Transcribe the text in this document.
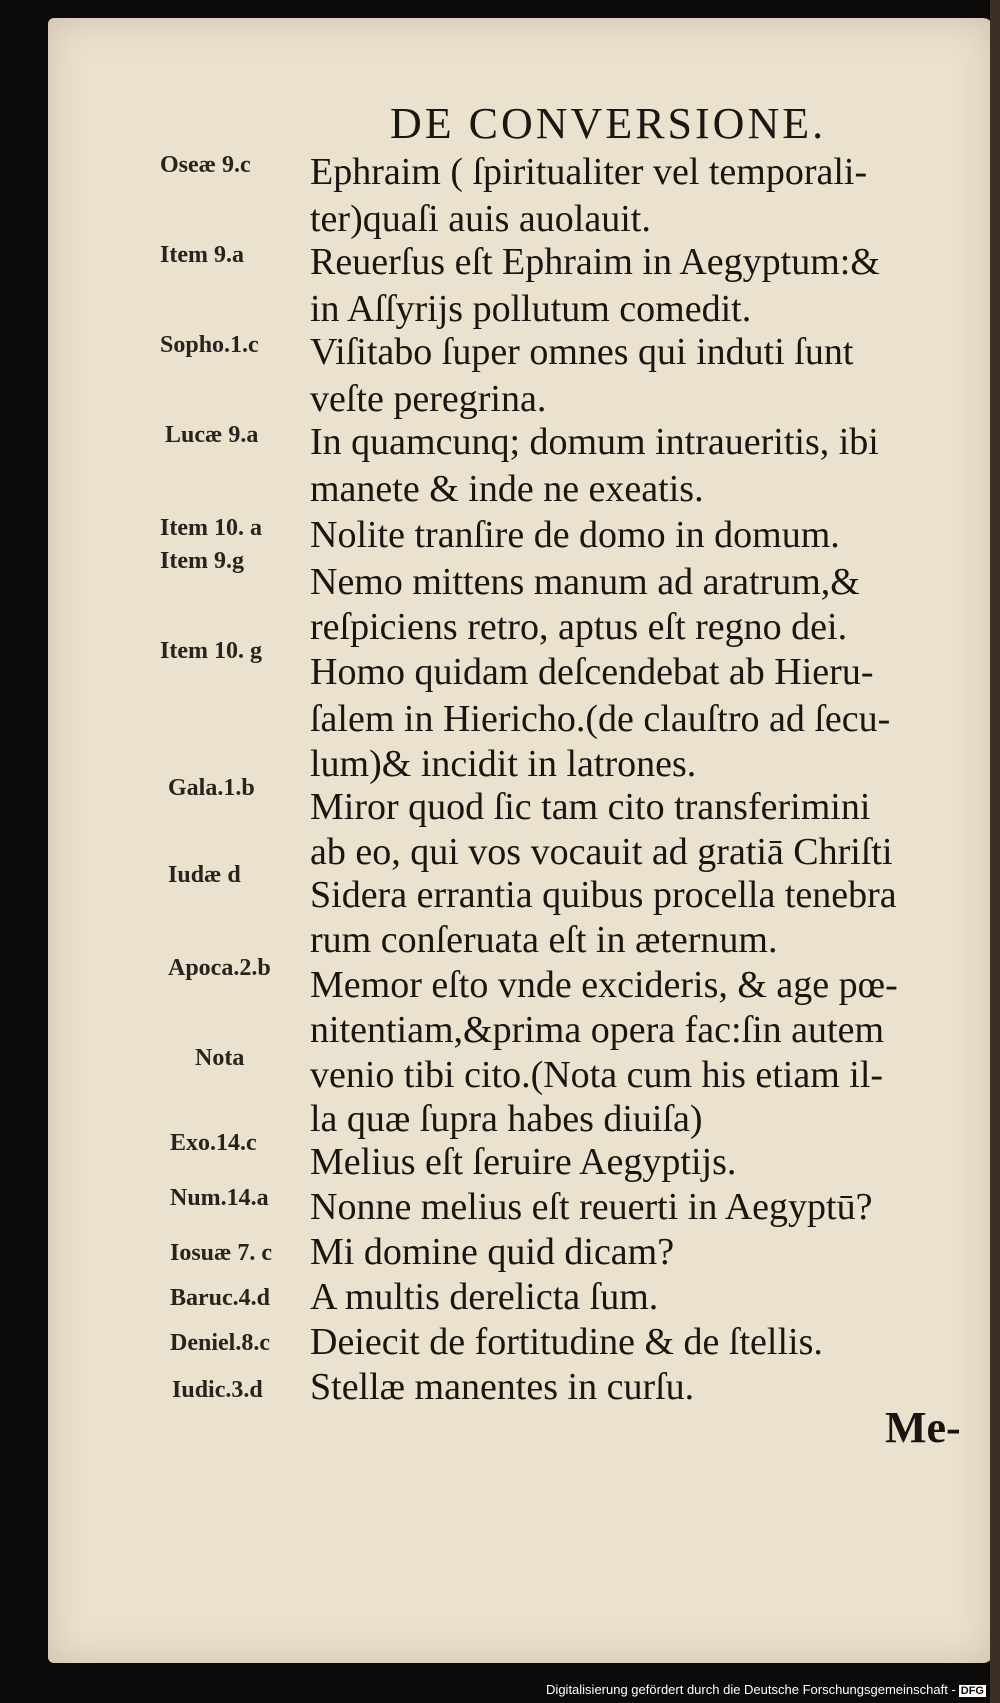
DE CONVERSIONE.
Oseæ 9.c
Item 9.a
Sopho.1.c
Lucæ 9.a
Item 10. a
Item 9.g
Item 10. g
Gala.1.b
Iudæ d
Apoca.2.b
Nota
Exo.14.c
Num.14.a
Iosuæ 7. c
Baruc.4.d
Deniel.8.c
Iudic.3.d
Ephraim ( ſpiritualiter vel temporali-
ter)quaſi auis auolauit.
Reuerſus eſt Ephraim in Aegyptum:&
in Aſſyrijs pollutum comedit.
Viſitabo ſuper omnes qui induti ſunt
veſte peregrina.
In quamcunq; domum intraueritis, ibi
manete & inde ne exeatis.
Nolite tranſire de domo in domum.
Nemo mittens manum ad aratrum,&
reſpiciens retro, aptus eſt regno dei.
Homo quidam deſcendebat ab Hieru-
ſalem in Hiericho.(de clauſtro ad ſecu-
lum)& incidit in latrones.
Miror quod ſic tam cito transferimini
ab eo, qui vos vocauit ad gratiā Chriſti
Sidera errantia quibus procella tenebra
rum conſeruata eſt in æternum.
Memor eſto vnde excideris, & age pœ-
nitentiam,&prima opera fac:ſin autem
venio tibi cito.(Nota cum his etiam il-
la quæ ſupra habes diuiſa)
Melius eſt ſeruire Aegyptijs.
Nonne melius eſt reuerti in Aegyptū?
Mi domine quid dicam?
A multis derelicta ſum.
Deiecit de fortitudine & de ſtellis.
Stellæ manentes in curſu.
Me-
Digitalisierung gefördert durch die Deutsche Forschungsgemeinschaft - DFG
